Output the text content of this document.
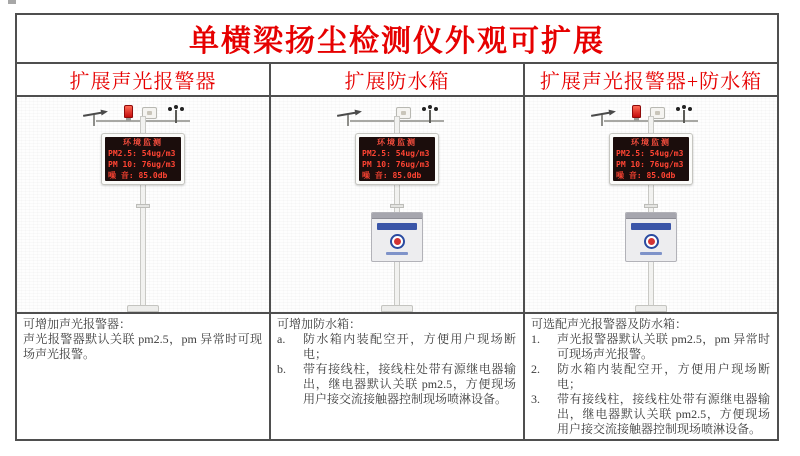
单横梁扬尘检测仪外观可扩展
扩展声光报警器	扩展防水箱	扩展声光报警器+防水箱
环境监测
PM2.5: 54ug/m3
PM 10: 76ug/m3
噪 音: 85.0db
环境监测
PM2.5: 54ug/m3
PM 10: 76ug/m3
噪 音: 85.0db
环境监测
PM2.5: 54ug/m3
PM 10: 76ug/m3
噪 音: 85.0db
可增加声光报警器：
声光报警器默认关联 pm2.5，pm 异常时可现场声光报警。
可增加防水箱：
a.	防水箱内装配空开，方便用户现场断电；
b.	带有接线柱，接线柱处带有源继电器输出，继电器默认关联 pm2.5，方便现场用户接交流接触器控制现场喷淋设备。
可选配声光报警器及防水箱：
1.	声光报警器默认关联 pm2.5，pm 异常时可现场声光报警。
2.	防水箱内装配空开，方便用户现场断电；
3.	带有接线柱，接线柱处带有源继电器输出，继电器默认关联 pm2.5，方便现场用户接交流接触器控制现场喷淋设备。
